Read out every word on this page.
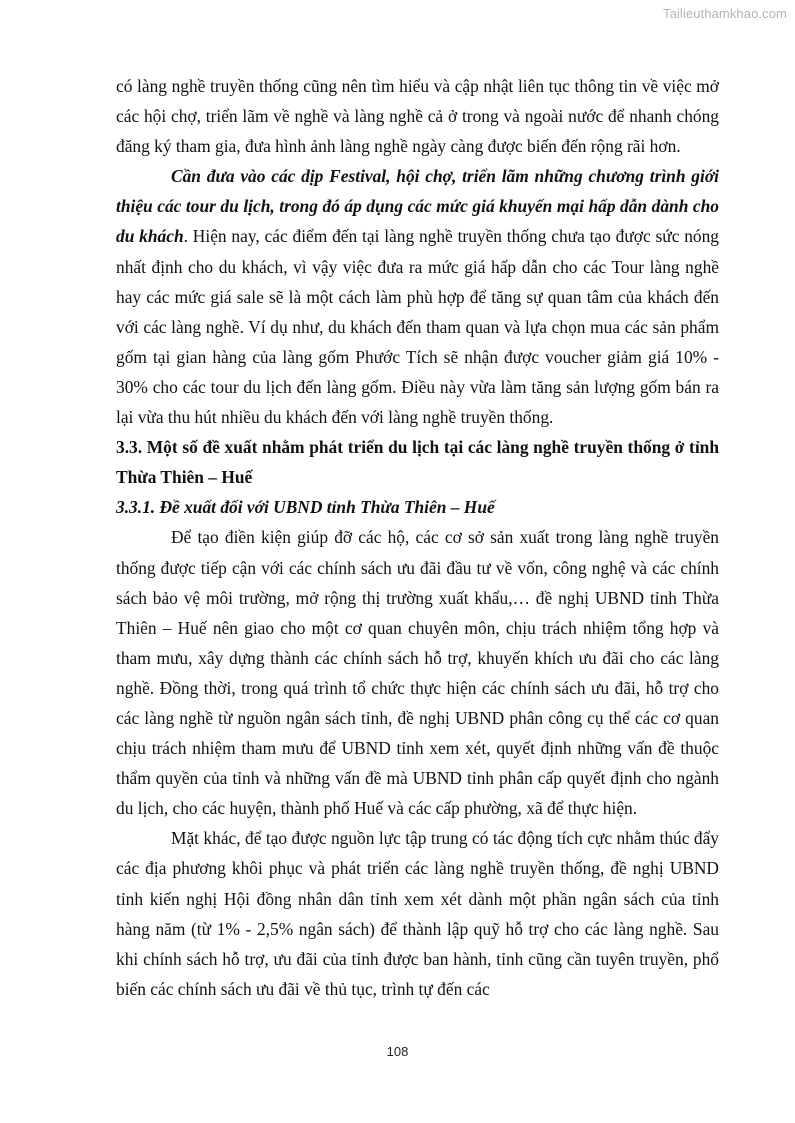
Tailieuthamkhao.com

có làng nghề truyền thống cũng nên tìm hiểu và cập nhật liên tục thông tin về việc mở các hội chợ, triển lãm về nghề và làng nghề cả ở trong và ngoài nước để nhanh chóng đăng ký tham gia, đưa hình ảnh làng nghề ngày càng được biến đến rộng rãi hơn.

Cần đưa vào các dịp Festival, hội chợ, triển lãm những chương trình giới thiệu các tour du lịch, trong đó áp dụng các mức giá khuyến mại hấp dẫn dành cho du khách. Hiện nay, các điểm đến tại làng nghề truyền thống chưa tạo được sức nóng nhất định cho du khách, vì vậy việc đưa ra mức giá hấp dẫn cho các Tour làng nghề hay các mức giá sale sẽ là một cách làm phù hợp để tăng sự quan tâm của khách đến với các làng nghề. Ví dụ như, du khách đến tham quan và lựa chọn mua các sản phẩm gốm tại gian hàng của làng gốm Phước Tích sẽ nhận được voucher giảm giá 10% - 30% cho các tour du lịch đến làng gốm. Điều này vừa làm tăng sản lượng gốm bán ra lại vừa thu hút nhiều du khách đến với làng nghề truyền thống.

3.3. Một số đề xuất nhằm phát triển du lịch tại các làng nghề truyền thống ở tỉnh Thừa Thiên – Huế
3.3.1. Đề xuất đối với UBND tỉnh Thừa Thiên – Huế

Để tạo điền kiện giúp đỡ các hộ, các cơ sở sản xuất trong làng nghề truyền thống được tiếp cận với các chính sách ưu đãi đầu tư về vốn, công nghệ và các chính sách bảo vệ môi trường, mở rộng thị trường xuất khẩu,… đề nghị UBND tỉnh Thừa Thiên – Huế nên giao cho một cơ quan chuyên môn, chịu trách nhiệm tổng hợp và tham mưu, xây dựng thành các chính sách hỗ trợ, khuyến khích ưu đãi cho các làng nghề. Đồng thời, trong quá trình tổ chức thực hiện các chính sách ưu đãi, hỗ trợ cho các làng nghề từ nguồn ngân sách tỉnh, đề nghị UBND phân công cụ thể các cơ quan chịu trách nhiệm tham mưu để UBND tỉnh xem xét, quyết định những vấn đề thuộc thẩm quyền của tỉnh và những vấn đề mà UBND tỉnh phân cấp quyết định cho ngành du lịch, cho các huyện, thành phố Huế và các cấp phường, xã để thực hiện.

Mặt khác, để tạo được nguồn lực tập trung có tác động tích cực nhằm thúc đẩy các địa phương khôi phục và phát triển các làng nghề truyền thống, đề nghị UBND tỉnh kiến nghị Hội đồng nhân dân tỉnh xem xét dành một phần ngân sách của tỉnh hàng năm (từ 1% - 2,5% ngân sách) để thành lập quỹ hỗ trợ cho các làng nghề. Sau khi chính sách hỗ trợ, ưu đãi của tỉnh được ban hành, tỉnh cũng cần tuyên truyền, phổ biến các chính sách ưu đãi về thủ tục, trình tự đến các

108
